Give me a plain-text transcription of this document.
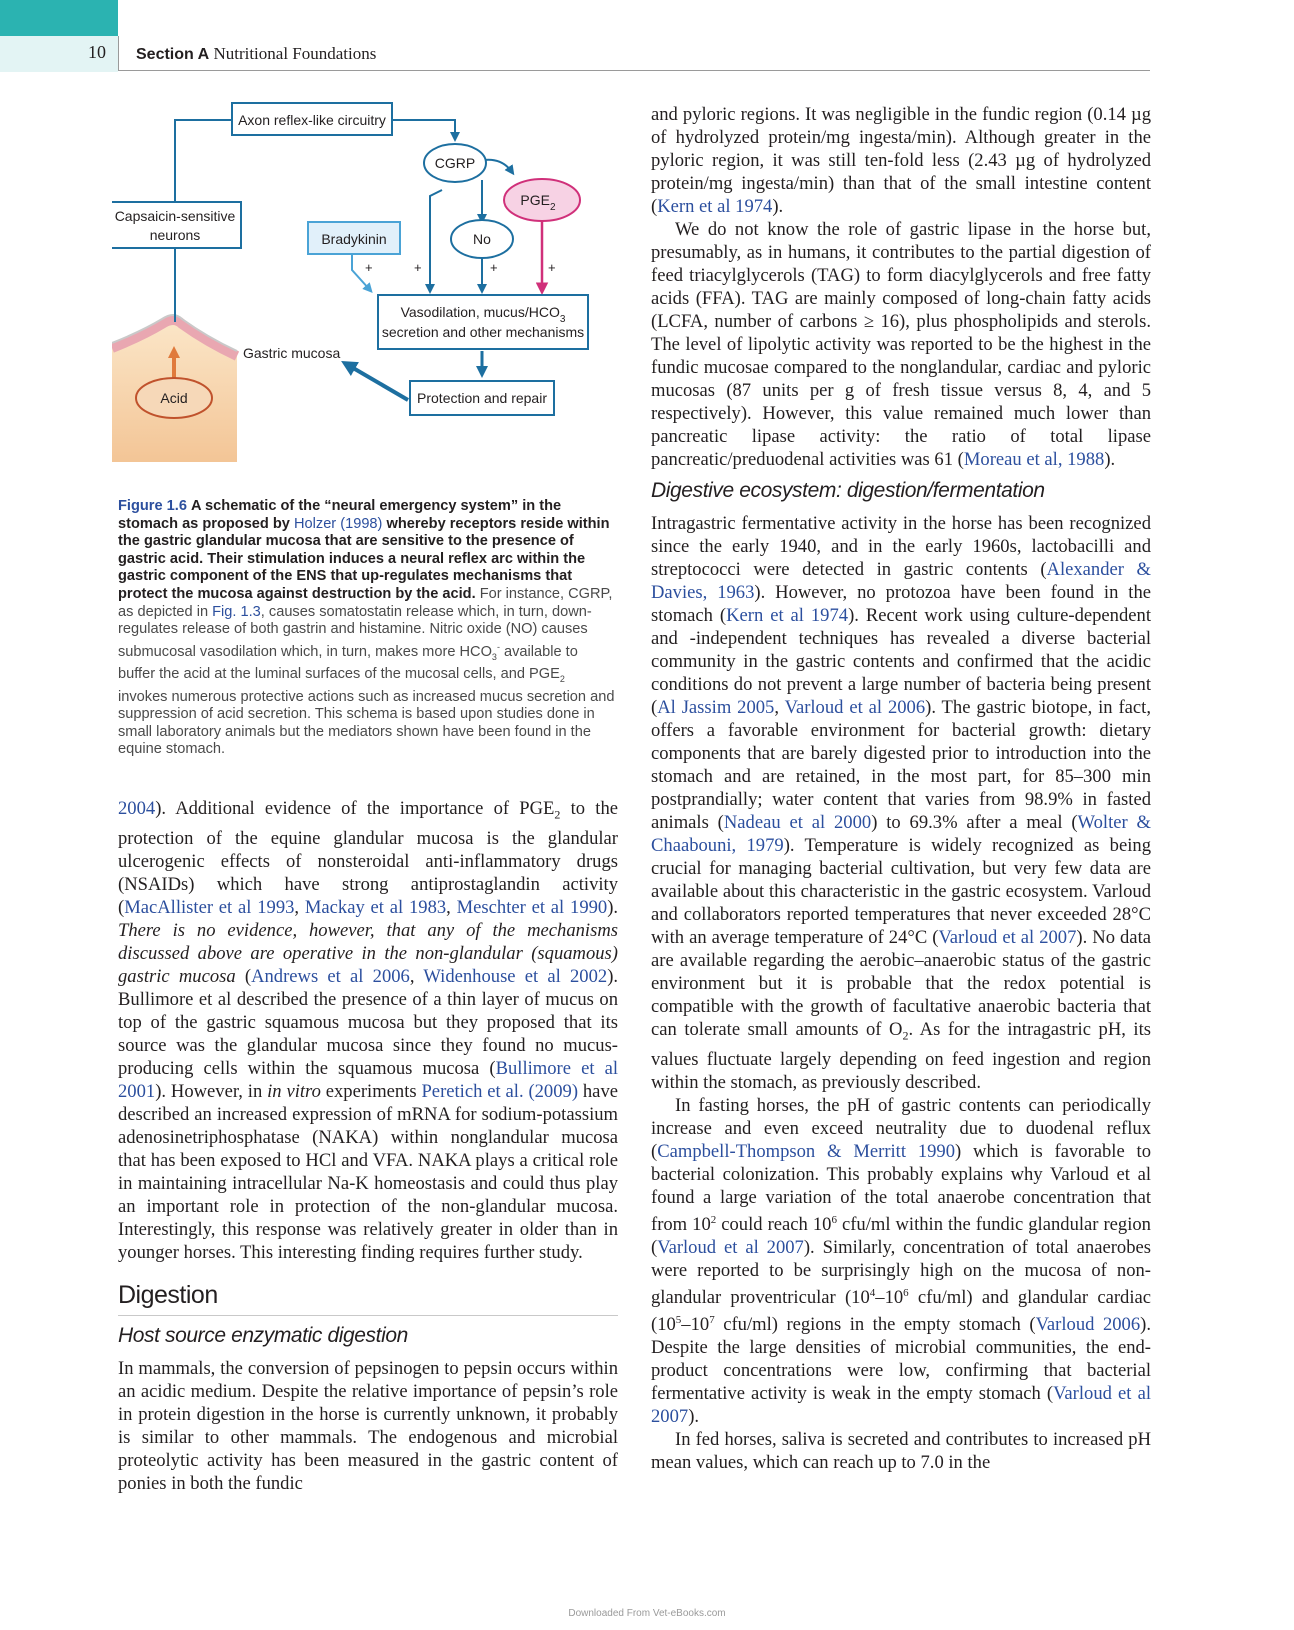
10 Section A Nutritional Foundations
Axon reflex-like circuitry
CGRP
$PGE_2$
Capsaicin-sensitive
neurons	Bradykinin	No
+	+	+	+
Vasodilation, mucus/$HCO_3$
secretion and other mechanisms
Gastric mucosa
Protection and repair
Acid
Figure 1.6 A schematic of the “neural emergency system” in the stomach as proposed by Holzer (1998) whereby receptors reside within the gastric glandular mucosa that are sensitive to the presence of gastric acid. Their stimulation induces a neural reflex arc within the gastric component of the ENS that up-regulates mechanisms that protect the mucosa against destruction by the acid. For instance, CGRP, as depicted in Fig. 1.3, causes somatostatin release which, in turn, down-regulates release of both gastrin and histamine. Nitric oxide (NO) causes submucosal vasodilation which, in turn, makes more $HCO_3^-$ available to buffer the acid at the luminal surfaces of the mucosal cells, and $PGE_2$ invokes numerous protective actions such as increased mucus secretion and suppression of acid secretion. This schema is based upon studies done in small laboratory animals but the mediators shown have been found in the equine stomach.

2004). Additional evidence of the importance of $PGE_2$ to the protection of the equine glandular mucosa is the glandular ulcerogenic effects of nonsteroidal anti-inflammatory drugs (NSAIDs) which have strong antiprostaglandin activity (MacAllister et al 1993, Mackay et al 1983, Meschter et al 1990). There is no evidence, however, that any of the mechanisms discussed above are operative in the non-glandular (squamous) gastric mucosa (Andrews et al 2006, Widenhouse et al 2002). Bullimore et al described the presence of a thin layer of mucus on top of the gastric squamous mucosa but they proposed that its source was the glandular mucosa since they found no mucus-producing cells within the squamous mucosa (Bullimore et al 2001). However, in in vitro experiments Peretich et al. (2009) have described an increased expression of mRNA for sodium-potassium adenosinetriphosphatase (NAKA) within nonglandular mucosa that has been exposed to HCl and VFA. NAKA plays a critical role in maintaining intracellular Na-K homeostasis and could thus play an important role in protection of the non-glandular mucosa. Interestingly, this response was relatively greater in older than in younger horses. This interesting finding requires further study.

Digestion
Host source enzymatic digestion

In mammals, the conversion of pepsinogen to pepsin occurs within an acidic medium. Despite the relative importance of pepsin’s role in protein digestion in the horse is currently unknown, it probably is similar to other mammals. The endogenous and microbial proteolytic activity has been measured in the gastric content of ponies in both the fundic

and pyloric regions. It was negligible in the fundic region (0.14 µg of hydrolyzed protein/mg ingesta/min). Although greater in the pyloric region, it was still ten-fold less (2.43 µg of hydrolyzed protein/mg ingesta/min) than that of the small intestine content (Kern et al 1974).

We do not know the role of gastric lipase in the horse but, presumably, as in humans, it contributes to the partial digestion of feed triacylglycerols (TAG) to form diacylglycerols and free fatty acids (FFA). TAG are mainly composed of long-chain fatty acids (LCFA, number of carbons ≥ 16), plus phospholipids and sterols. The level of lipolytic activity was reported to be the highest in the fundic mucosae compared to the nonglandular, cardiac and pyloric mucosas (87 units per g of fresh tissue versus 8, 4, and 5 respectively). However, this value remained much lower than pancreatic lipase activity: the ratio of total lipase pancreatic/preduodenal activities was 61 (Moreau et al, 1988).

Digestive ecosystem: digestion/fermentation

Intragastric fermentative activity in the horse has been recognized since the early 1940, and in the early 1960s, lactobacilli and streptococci were detected in gastric contents (Alexander & Davies, 1963). However, no protozoa have been found in the stomach (Kern et al 1974). Recent work using culture-dependent and -independent techniques has revealed a diverse bacterial community in the gastric contents and confirmed that the acidic conditions do not prevent a large number of bacteria being present (Al Jassim 2005, Varloud et al 2006). The gastric biotope, in fact, offers a favorable environment for bacterial growth: dietary components that are barely digested prior to introduction into the stomach and are retained, in the most part, for 85–300 min postprandially; water content that varies from 98.9% in fasted animals (Nadeau et al 2000) to 69.3% after a meal (Wolter & Chaabouni, 1979). Temperature is widely recognized as being crucial for managing bacterial cultivation, but very few data are available about this characteristic in the gastric ecosystem. Varloud and collaborators reported temperatures that never exceeded 28°C with an average temperature of 24°C (Varloud et al 2007). No data are available regarding the aerobic–anaerobic status of the gastric environment but it is probable that the redox potential is compatible with the growth of facultative anaerobic bacteria that can tolerate small amounts of $O_2$. As for the intragastric pH, its values fluctuate largely depending on feed ingestion and region within the stomach, as previously described.

In fasting horses, the pH of gastric contents can periodically increase and even exceed neutrality due to duodenal reflux (Campbell-Thompson & Merritt 1990) which is favorable to bacterial colonization. This probably explains why Varloud et al found a large variation of the total anaerobe concentration that from $10^2$ could reach $10^6$ cfu/ml within the fundic glandular region (Varloud et al 2007). Similarly, concentration of total anaerobes were reported to be surprisingly high on the mucosa of non-glandular proventricular ($10^4-10^6$ cfu/ml) and glandular cardiac ($10^5-10^7$ cfu/ml) regions in the empty stomach (Varloud 2006). Despite the large densities of microbial communities, the end-product concentrations were low, confirming that bacterial fermentative activity is weak in the empty stomach (Varloud et al 2007).

In fed horses, saliva is secreted and contributes to increased pH mean values, which can reach up to 7.0 in the

Downloaded From Vet-eBooks.com
